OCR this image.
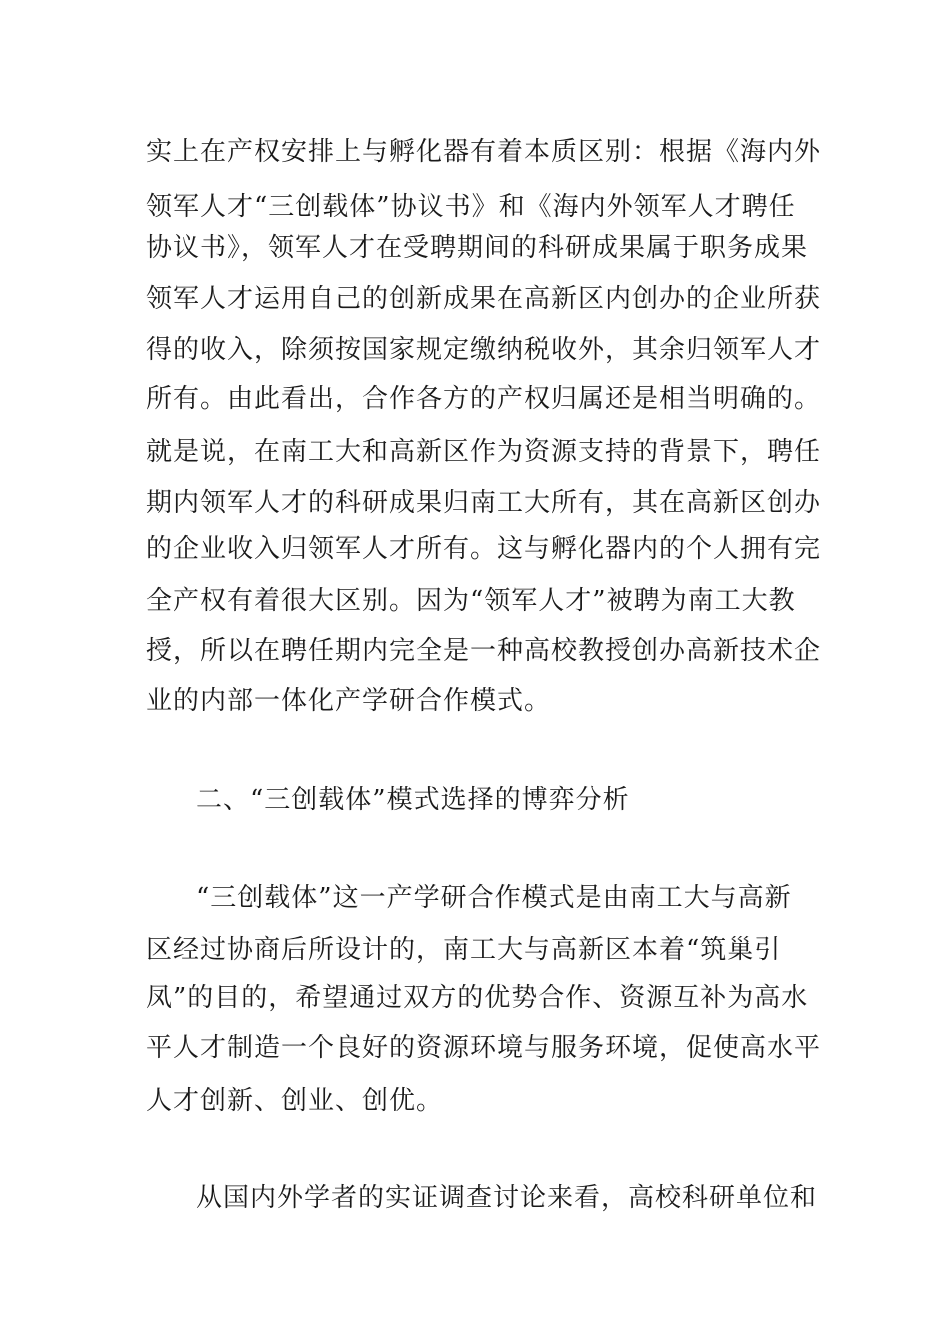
实上在产权安排上与孵化器有着本质区别：根据《海内外
领军人才“三创载体”协议书》和《海内外领军人才聘任
协议书》，领军人才在受聘期间的科研成果属于职务成果
领军人才运用自己的创新成果在高新区内创办的企业所获
得的收入，除须按国家规定缴纳税收外，其余归领军人才
所有。由此看出，合作各方的产权归属还是相当明确的。
就是说，在南工大和高新区作为资源支持的背景下，聘任
期内领军人才的科研成果归南工大所有，其在高新区创办
的企业收入归领军人才所有。这与孵化器内的个人拥有完
全产权有着很大区别。因为“领军人才”被聘为南工大教
授，所以在聘任期内完全是一种高校教授创办高新技术企
业的内部一体化产学研合作模式。
二、“三创载体”模式选择的博弈分析
“三创载体”这一产学研合作模式是由南工大与高新
区经过协商后所设计的，南工大与高新区本着“筑巢引
凤”的目的，希望通过双方的优势合作、资源互补为高水
平人才制造一个良好的资源环境与服务环境，促使高水平
人才创新、创业、创优。
从国内外学者的实证调查讨论来看，高校科研单位和
